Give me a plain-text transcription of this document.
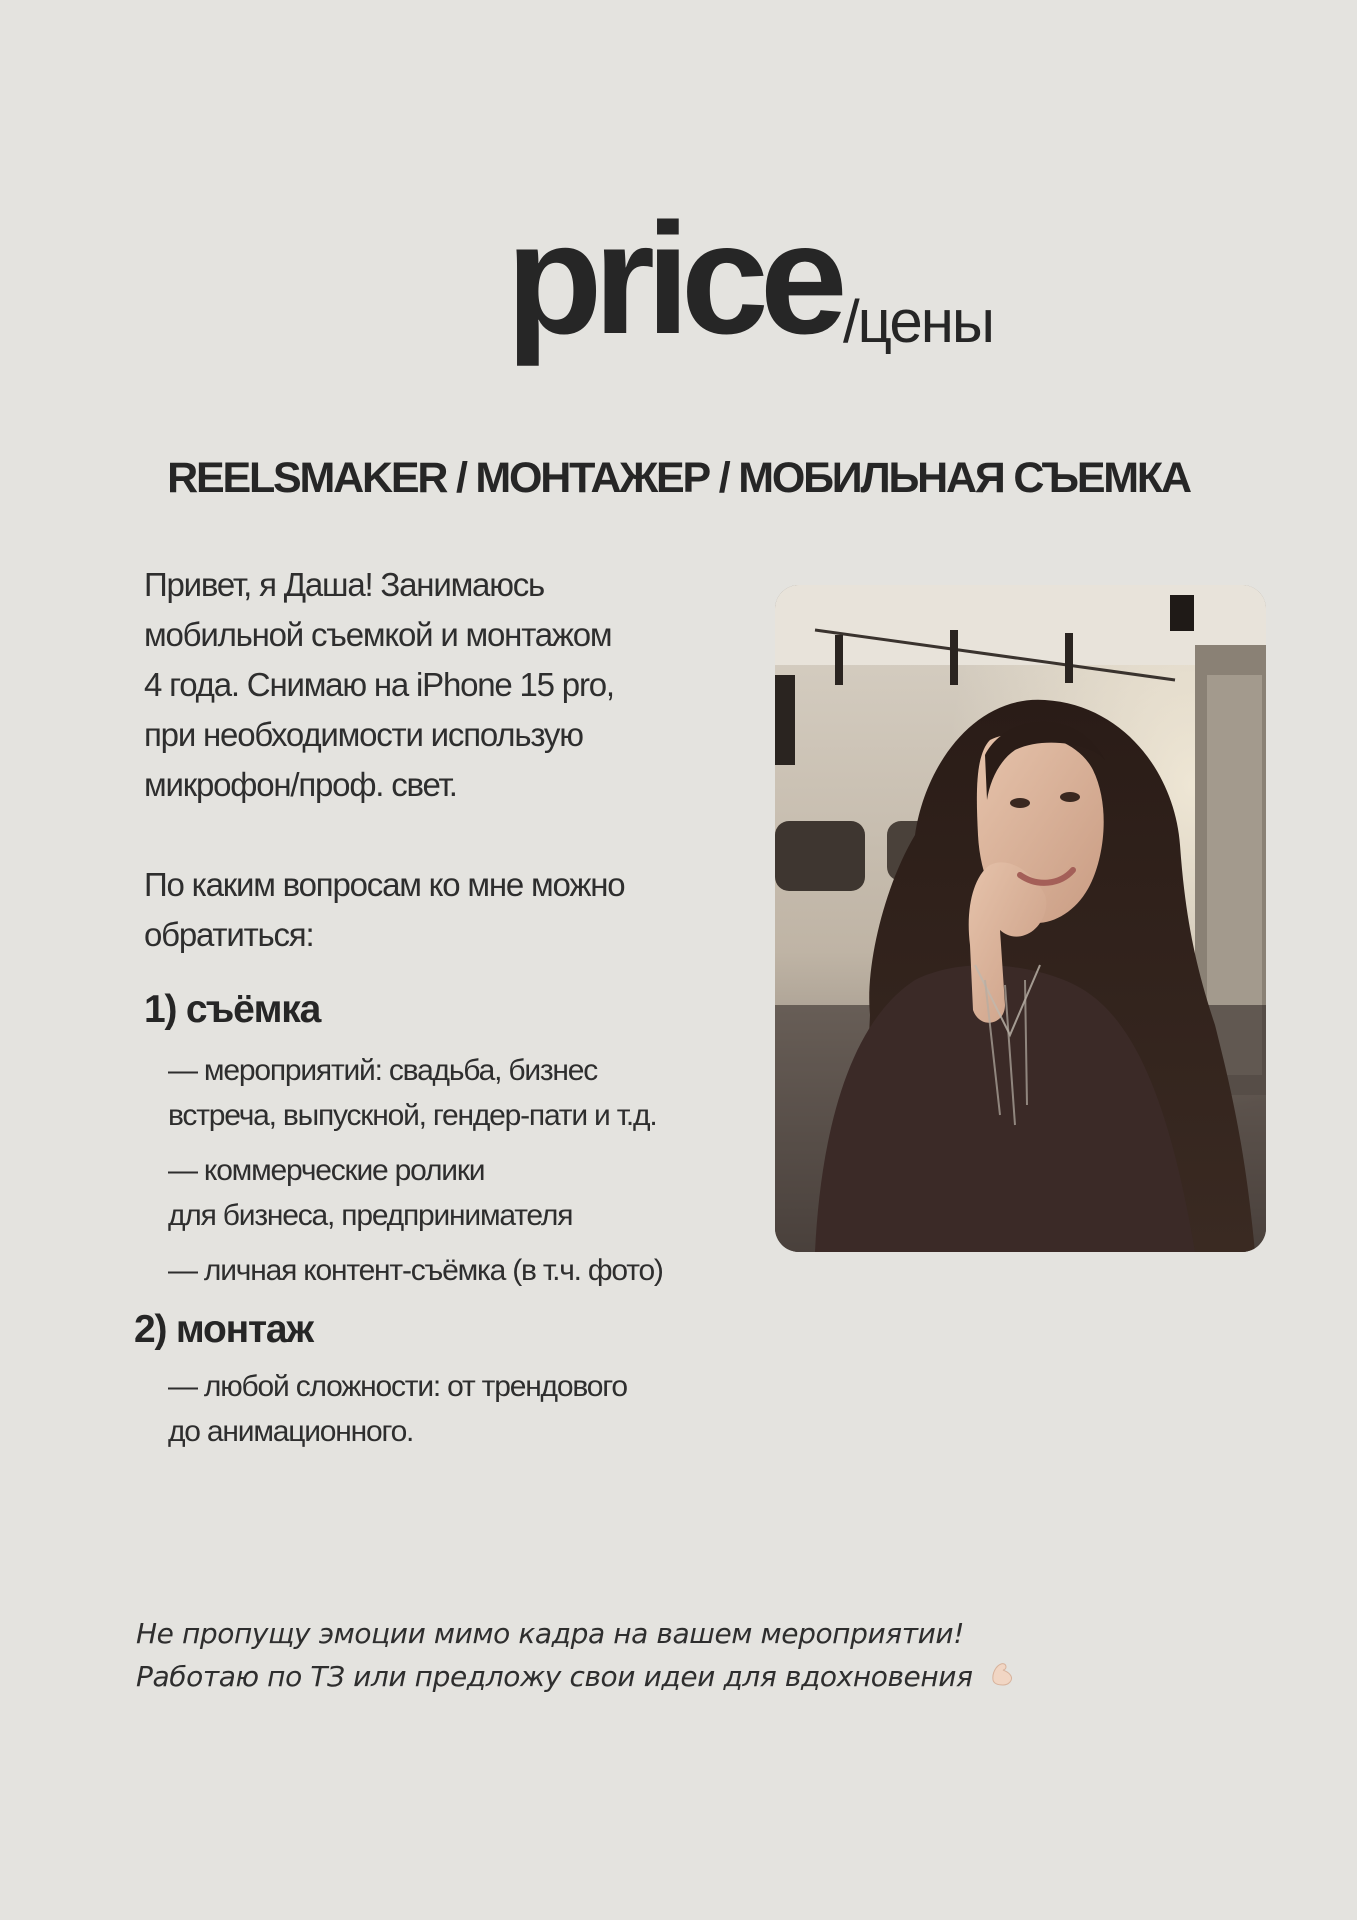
price /цены
REELSMAKER / МОНТАЖЕР / МОБИЛЬНАЯ СЪЕМКА

Привет, я Даша! Занимаюсь

мобильной съемкой и монтажом

4 года. Снимаю на iPhone 15 pro,

при необходимости использую

микрофон/проф. свет.

По каким вопросам ко мне можно

обратиться:

1) съёмка

— мероприятий: свадьба, бизнес

встреча, выпускной, гендер-пати и т.д.

— коммерческие ролики

для бизнеса, предпринимателя

— личная контент-съёмка (в т.ч. фото)

2) монтаж

— любой сложности: от трендового

до анимационного.

Не пропущу эмоции мимо кадра на вашем мероприятии!

Работаю по ТЗ или предложу свои идеи для вдохновения
